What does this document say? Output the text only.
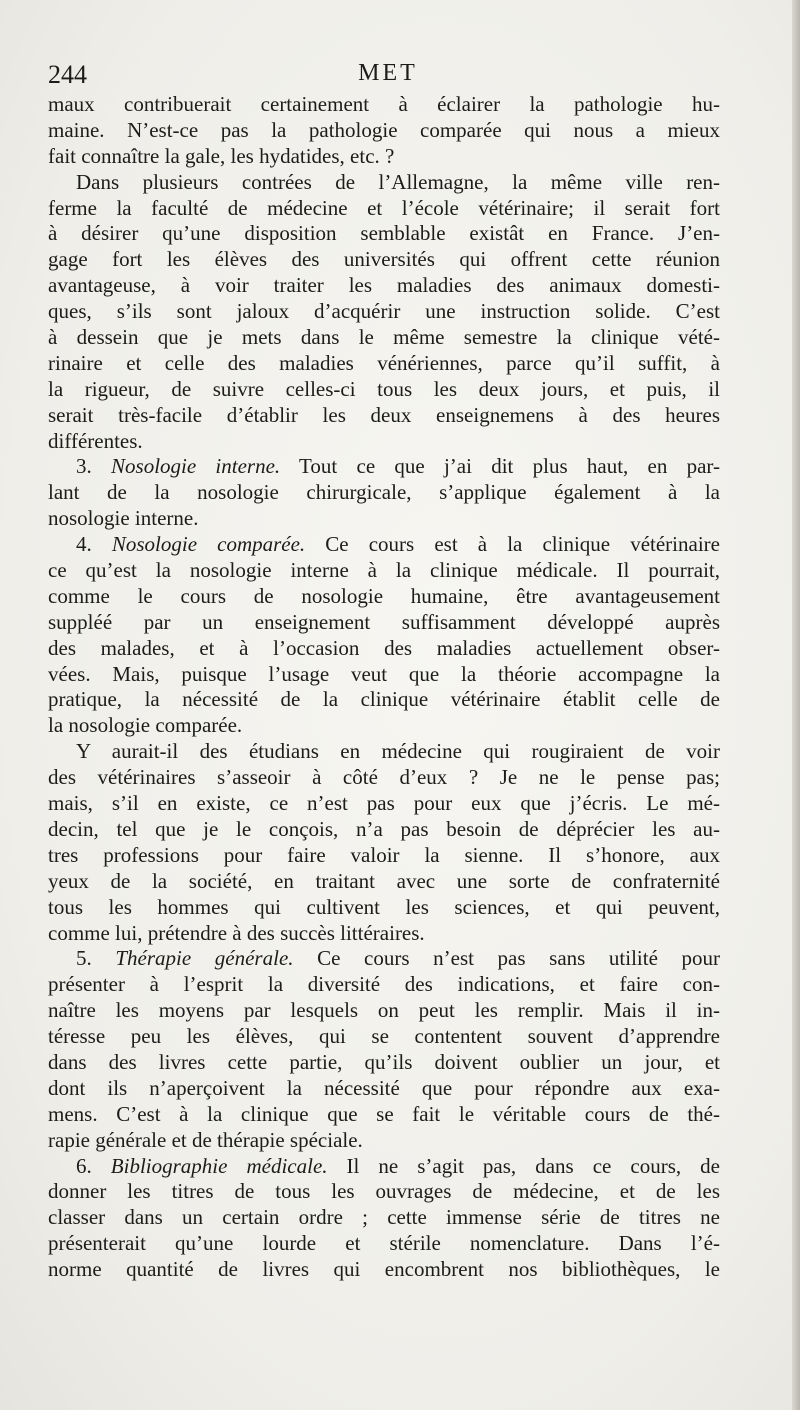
244	MET
maux contribuerait certainement à éclairer la pathologie hu-
maine. N’est-ce pas la pathologie comparée qui nous a mieux
fait connaître la gale, les hydatides, etc. ?
Dans plusieurs contrées de l’Allemagne, la même ville ren-
ferme la faculté de médecine et l’école vétérinaire; il serait fort
à désirer qu’une disposition semblable existât en France. J’en-
gage fort les élèves des universités qui offrent cette réunion
avantageuse, à voir traiter les maladies des animaux domesti-
ques, s’ils sont jaloux d’acquérir une instruction solide. C’est
à dessein que je mets dans le même semestre la clinique vété-
rinaire et celle des maladies vénériennes, parce qu’il suffit, à
la rigueur, de suivre celles-ci tous les deux jours, et puis, il
serait très-facile d’établir les deux enseignemens à des heures
différentes.
3. Nosologie interne. Tout ce que j’ai dit plus haut, en par-
lant de la nosologie chirurgicale, s’applique également à la
nosologie interne.
4. Nosologie comparée. Ce cours est à la clinique vétérinaire
ce qu’est la nosologie interne à la clinique médicale. Il pourrait,
comme le cours de nosologie humaine, être avantageusement
suppléé par un enseignement suffisamment développé auprès
des malades, et à l’occasion des maladies actuellement obser-
vées. Mais, puisque l’usage veut que la théorie accompagne la
pratique, la nécessité de la clinique vétérinaire établit celle de
la nosologie comparée.
Y aurait-il des étudians en médecine qui rougiraient de voir
des vétérinaires s’asseoir à côté d’eux ? Je ne le pense pas;
mais, s’il en existe, ce n’est pas pour eux que j’écris. Le mé-
decin, tel que je le conçois, n’a pas besoin de déprécier les au-
tres professions pour faire valoir la sienne. Il s’honore, aux
yeux de la société, en traitant avec une sorte de confraternité
tous les hommes qui cultivent les sciences, et qui peuvent,
comme lui, prétendre à des succès littéraires.
5. Thérapie générale. Ce cours n’est pas sans utilité pour
présenter à l’esprit la diversité des indications, et faire con-
naître les moyens par lesquels on peut les remplir. Mais il in-
téresse peu les élèves, qui se contentent souvent d’apprendre
dans des livres cette partie, qu’ils doivent oublier un jour, et
dont ils n’aperçoivent la nécessité que pour répondre aux exa-
mens. C’est à la clinique que se fait le véritable cours de thé-
rapie générale et de thérapie spéciale.
6. Bibliographie médicale. Il ne s’agit pas, dans ce cours, de
donner les titres de tous les ouvrages de médecine, et de les
classer dans un certain ordre ; cette immense série de titres ne
présenterait qu’une lourde et stérile nomenclature. Dans l’é-
norme quantité de livres qui encombrent nos bibliothèques, le
